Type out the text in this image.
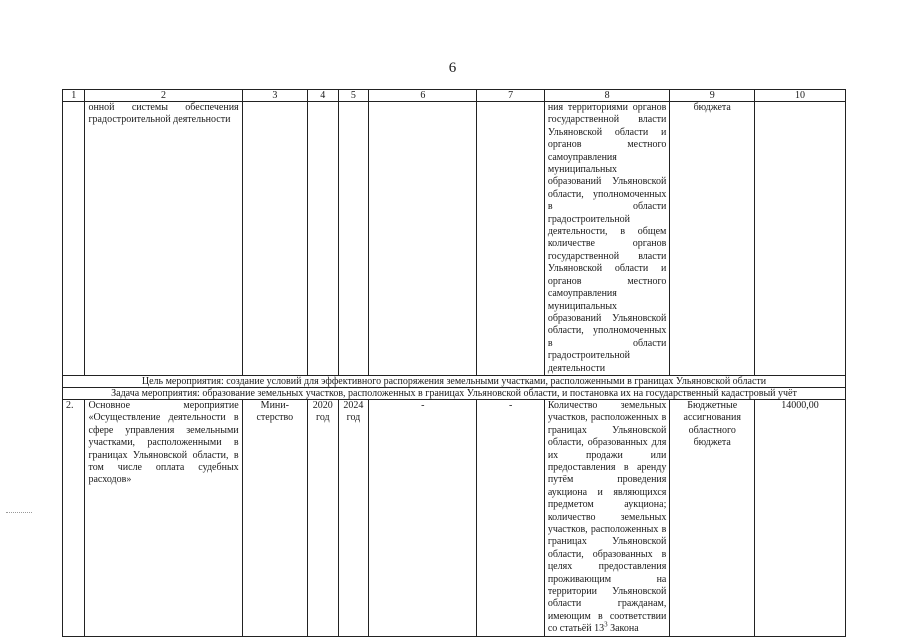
6
1	2	3	4	5	6	7	8	9	10
	онной системы обеспечения градостроительной деятельности						ния территориями органов государственной власти Ульяновской области и органов местного самоуправления муниципальных образований Ульяновской области, уполномоченных в области градостроительной деятельности, в общем количестве органов государственной власти Ульяновской области и органов местного самоуправления муниципальных образований Ульяновской области, уполномоченных в области градостроительной деятельности	бюджета	
Цель мероприятия: создание условий для эффективного распоряжения земельными участками, расположенными в границах Ульяновской области									
Задача мероприятия: образование земельных участков, расположенных в границах Ульяновской области, и постановка их на государственный кадастровый учёт									
2.	Основное мероприятие «Осуществление деятельности в сфере управления земельными участками, расположенными в границах Ульяновской области, в том числе оплата судебных расходов»	Министерство	2020 год	2024 год	-	-	Количество земельных участков, расположенных в границах Ульяновской области, образованных для их продажи или предоставления в аренду путём проведения аукциона и являющихся предметом аукциона; количество земельных участков, расположенных в границах Ульяновской области, образованных в целях предоставления проживающим на территории Ульяновской области гражданам, имеющим в соответствии со статьёй $13^3$ Закона	Бюджетные ассигнования областного бюджета	14000,00
